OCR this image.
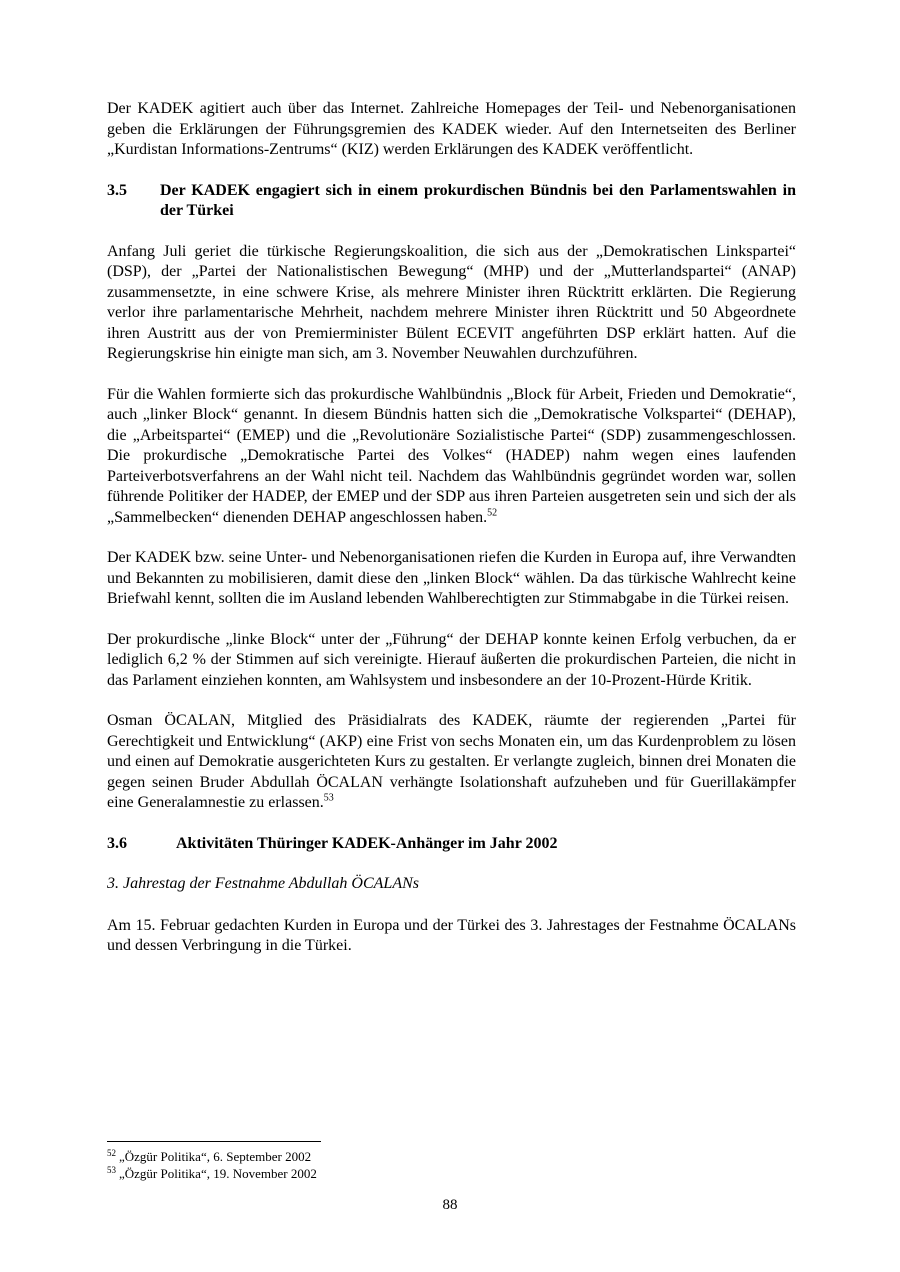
Der KADEK agitiert auch über das Internet. Zahlreiche Homepages der Teil- und Nebenorganisationen geben die Erklärungen der Führungsgremien des KADEK wieder. Auf den Internetseiten des Berliner „Kurdistan Informations-Zentrums“ (KIZ) werden Erklärungen des KADEK veröffentlicht.

3.5	Der KADEK engagiert sich in einem prokurdischen Bündnis bei den Parlamentswahlen in der Türkei

Anfang Juli geriet die türkische Regierungskoalition, die sich aus der „Demokratischen Linkspartei“ (DSP), der „Partei der Nationalistischen Bewegung“ (MHP) und der „Mutterlandspartei“ (ANAP) zusammensetzte, in eine schwere Krise, als mehrere Minister ihren Rücktritt erklärten. Die Regierung verlor ihre parlamentarische Mehrheit, nachdem mehrere Minister ihren Rücktritt und 50 Abgeordnete ihren Austritt aus der von Premierminister Bülent ECEVIT angeführten DSP erklärt hatten. Auf die Regierungskrise hin einigte man sich, am 3. November Neuwahlen durchzuführen.

Für die Wahlen formierte sich das prokurdische Wahlbündnis „Block für Arbeit, Frieden und Demokratie“, auch „linker Block“ genannt. In diesem Bündnis hatten sich die „Demokratische Volkspartei“ (DEHAP), die „Arbeitspartei“ (EMEP) und die „Revolutionäre Sozialistische Partei“ (SDP) zusammengeschlossen. Die prokurdische „Demokratische Partei des Volkes“ (HADEP) nahm wegen eines laufenden Parteiverbotsverfahrens an der Wahl nicht teil. Nachdem das Wahlbündnis gegründet worden war, sollen führende Politiker der HADEP, der EMEP und der SDP aus ihren Parteien ausgetreten sein und sich der als „Sammelbecken“ dienenden DEHAP angeschlossen haben.$^{52}$

Der KADEK bzw. seine Unter- und Nebenorganisationen riefen die Kurden in Europa auf, ihre Verwandten und Bekannten zu mobilisieren, damit diese den „linken Block“ wählen. Da das türkische Wahlrecht keine Briefwahl kennt, sollten die im Ausland lebenden Wahlberechtigten zur Stimmabgabe in die Türkei reisen.

Der prokurdische „linke Block“ unter der „Führung“ der DEHAP konnte keinen Erfolg verbuchen, da er lediglich 6,2 % der Stimmen auf sich vereinigte. Hierauf äußerten die prokurdischen Parteien, die nicht in das Parlament einziehen konnten, am Wahlsystem und insbesondere an der 10-Prozent-Hürde Kritik.

Osman ÖCALAN, Mitglied des Präsidialrats des KADEK, räumte der regierenden „Partei für Gerechtigkeit und Entwicklung“ (AKP) eine Frist von sechs Monaten ein, um das Kurdenproblem zu lösen und einen auf Demokratie ausgerichteten Kurs zu gestalten. Er verlangte zugleich, binnen drei Monaten die gegen seinen Bruder Abdullah ÖCALAN verhängte Isolationshaft aufzuheben und für Guerillakämpfer eine Generalamnestie zu erlassen.$^{53}$

3.6	Aktivitäten Thüringer KADEK-Anhänger im Jahr 2002

3. Jahrestag der Festnahme Abdullah ÖCALANs

Am 15. Februar gedachten Kurden in Europa und der Türkei des 3. Jahrestages der Festnahme ÖCALANs und dessen Verbringung in die Türkei.

$^{52}$ „Özgür Politika“, 6. September 2002
$^{53}$ „Özgür Politika“, 19. November 2002
88
